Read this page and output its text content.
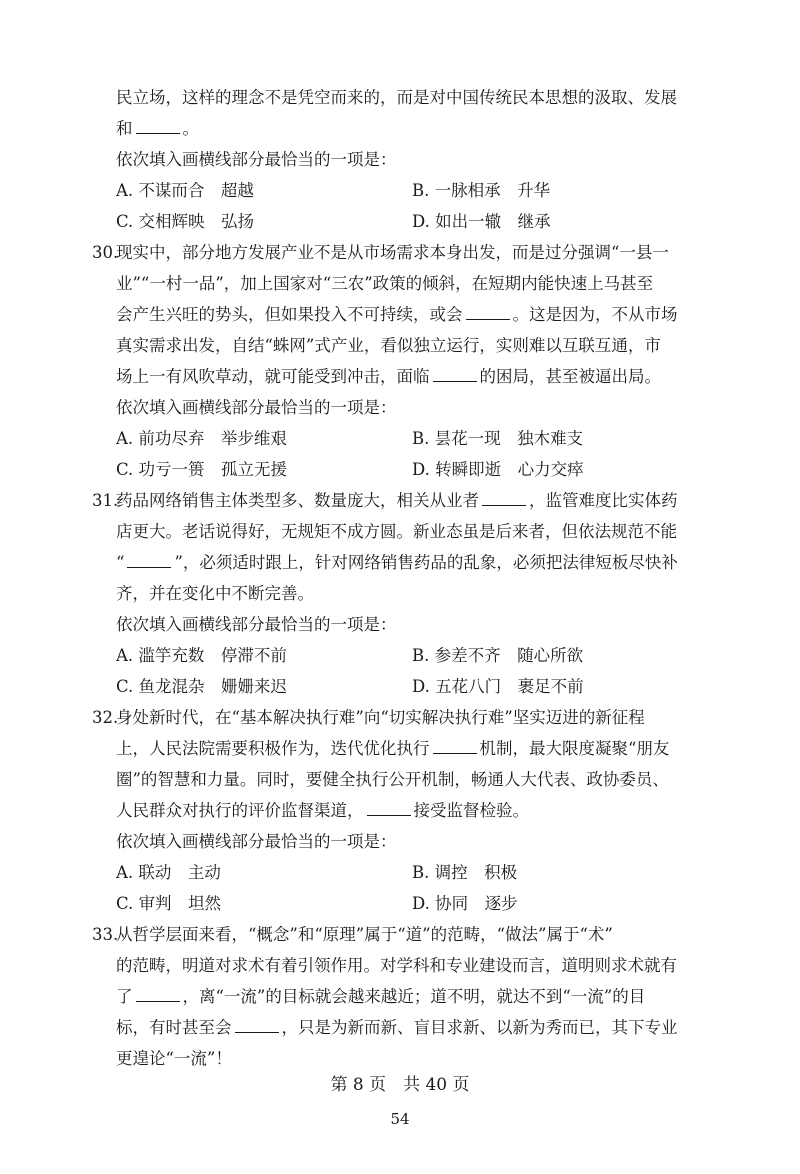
民立场，这样的理念不是凭空而来的，而是对中国传统民本思想的汲取、发展
和	。
依次填入画横线部分最恰当的一项是：
A. 不谋而合　超越	B. 一脉相承　升华
C. 交相辉映　弘扬	D. 如出一辙　继承
30.
现实中，部分地方发展产业不是从市场需求本身出发，而是过分强调“一县一
业”“一村一品”，加上国家对“三农”政策的倾斜，在短期内能快速上马甚至
会产生兴旺的势头，但如果投入不可持续，或会	。这是因为，不从市场
真实需求出发，自结“蛛网”式产业，看似独立运行，实则难以互联互通，市
场上一有风吹草动，就可能受到冲击，面临	的困局，甚至被逼出局。
依次填入画横线部分最恰当的一项是：
A. 前功尽弃　举步维艰	B. 昙花一现　独木难支
C. 功亏一篑　孤立无援	D. 转瞬即逝　心力交瘁
31.
药品网络销售主体类型多、数量庞大，相关从业者	，监管难度比实体药
店更大。老话说得好，无规矩不成方圆。新业态虽是后来者，但依法规范不能
“	”，必须适时跟上，针对网络销售药品的乱象，必须把法律短板尽快补
齐，并在变化中不断完善。
依次填入画横线部分最恰当的一项是：
A. 滥竽充数　停滞不前	B. 参差不齐　随心所欲
C. 鱼龙混杂　姗姗来迟	D. 五花八门　裹足不前
32.
身处新时代，在“基本解决执行难”向“切实解决执行难”坚实迈进的新征程
上，人民法院需要积极作为，迭代优化执行	机制，最大限度凝聚“朋友
圈”的智慧和力量。同时，要健全执行公开机制，畅通人大代表、政协委员、
人民群众对执行的评价监督渠道，	接受监督检验。
依次填入画横线部分最恰当的一项是：
A. 联动　主动	B. 调控　积极
C. 审判　坦然	D. 协同　逐步
33.
从哲学层面来看，“概念”和“原理”属于“道”的范畴，“做法”属于“术”
的范畴，明道对求术有着引领作用。对学科和专业建设而言，道明则求术就有
了	，离“一流”的目标就会越来越近；道不明，就达不到“一流”的目
标，有时甚至会	，只是为新而新、盲目求新、以新为秀而已，其下专业
更遑论“一流”！
第 8 页　共 40 页
54
